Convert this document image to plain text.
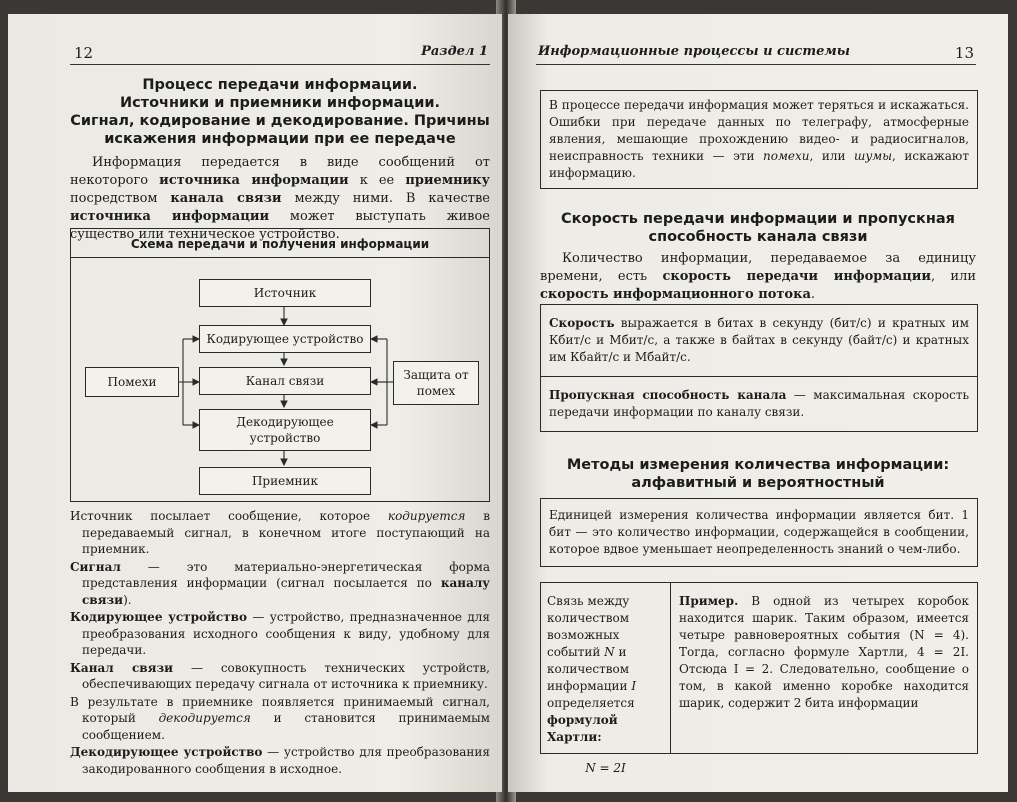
12	Раздел 1
Процесс передачи информации.
Источники и приемники информации.
Сигнал, кодирование и декодирование. Причины
искажения информации при ее передаче
Информация передается в виде сообщений от некоторого источника информации к ее приемнику посредством канала связи между ними. В качестве источника информации может выступать живое существо или техническое устройство.
Схема передачи и получения информации
Источник
Кодирующее устройство
Канал связи
Декодирующее устройство
Приемник
Помехи	Защита от помех

Источник посылает сообщение, которое кодируется в передаваемый сигнал, в конечном итоге поступающий на приемник.

Сигнал — это материально-энергетическая форма представления информации (сигнал посылается по каналу связи).

Кодирующее устройство — устройство, предназначенное для преобразования исходного сообщения к виду, удобному для передачи.

Канал связи — совокупность технических устройств, обеспечивающих передачу сигнала от источника к приемнику.

В результате в приемнике появляется принимаемый сигнал, который декодируется и становится принимаемым сообщением.

Декодирующее устройство — устройство для преобразования закодированного сообщения в исходное.

Информационные процессы и системы	13
В процессе передачи информация может теряться и искажаться. Ошибки при передаче данных по телеграфу, атмосферные явления, мешающие прохождению видео- и радиосигналов, неисправность техники — эти помехи, или шумы, искажают информацию.
Скорость передачи информации и пропускная
способность канала связи
Количество информации, передаваемое за единицу времени, есть скорость передачи информации, или скорость информационного потока.
Скорость выражается в битах в секунду (бит/с) и кратных им Кбит/с и Мбит/с, а также в байтах в секунду (байт/с) и кратных им Кбайт/с и Мбайт/с.
Пропускная способность канала — максимальная скорость передачи информации по каналу связи.
Методы измерения количества информации:
алфавитный и вероятностный
Единицей измерения количества информации является бит. 1 бит — это количество информации, содержащейся в сообщении, которое вдвое уменьшает неопределенность знаний о чем-либо.
Связь между количеством возможных событий N и количеством информации I определяется формулой Хартли:
N = 2I
Пример. В одной из четырех коробок находится шарик. Таким образом, имеется четыре равновероятных события (N = 4). Тогда, согласно формуле Хартли, 4 = 2I. Отсюда I = 2. Следовательно, сообщение о том, в какой именно коробке находится шарик, содержит 2 бита информации
